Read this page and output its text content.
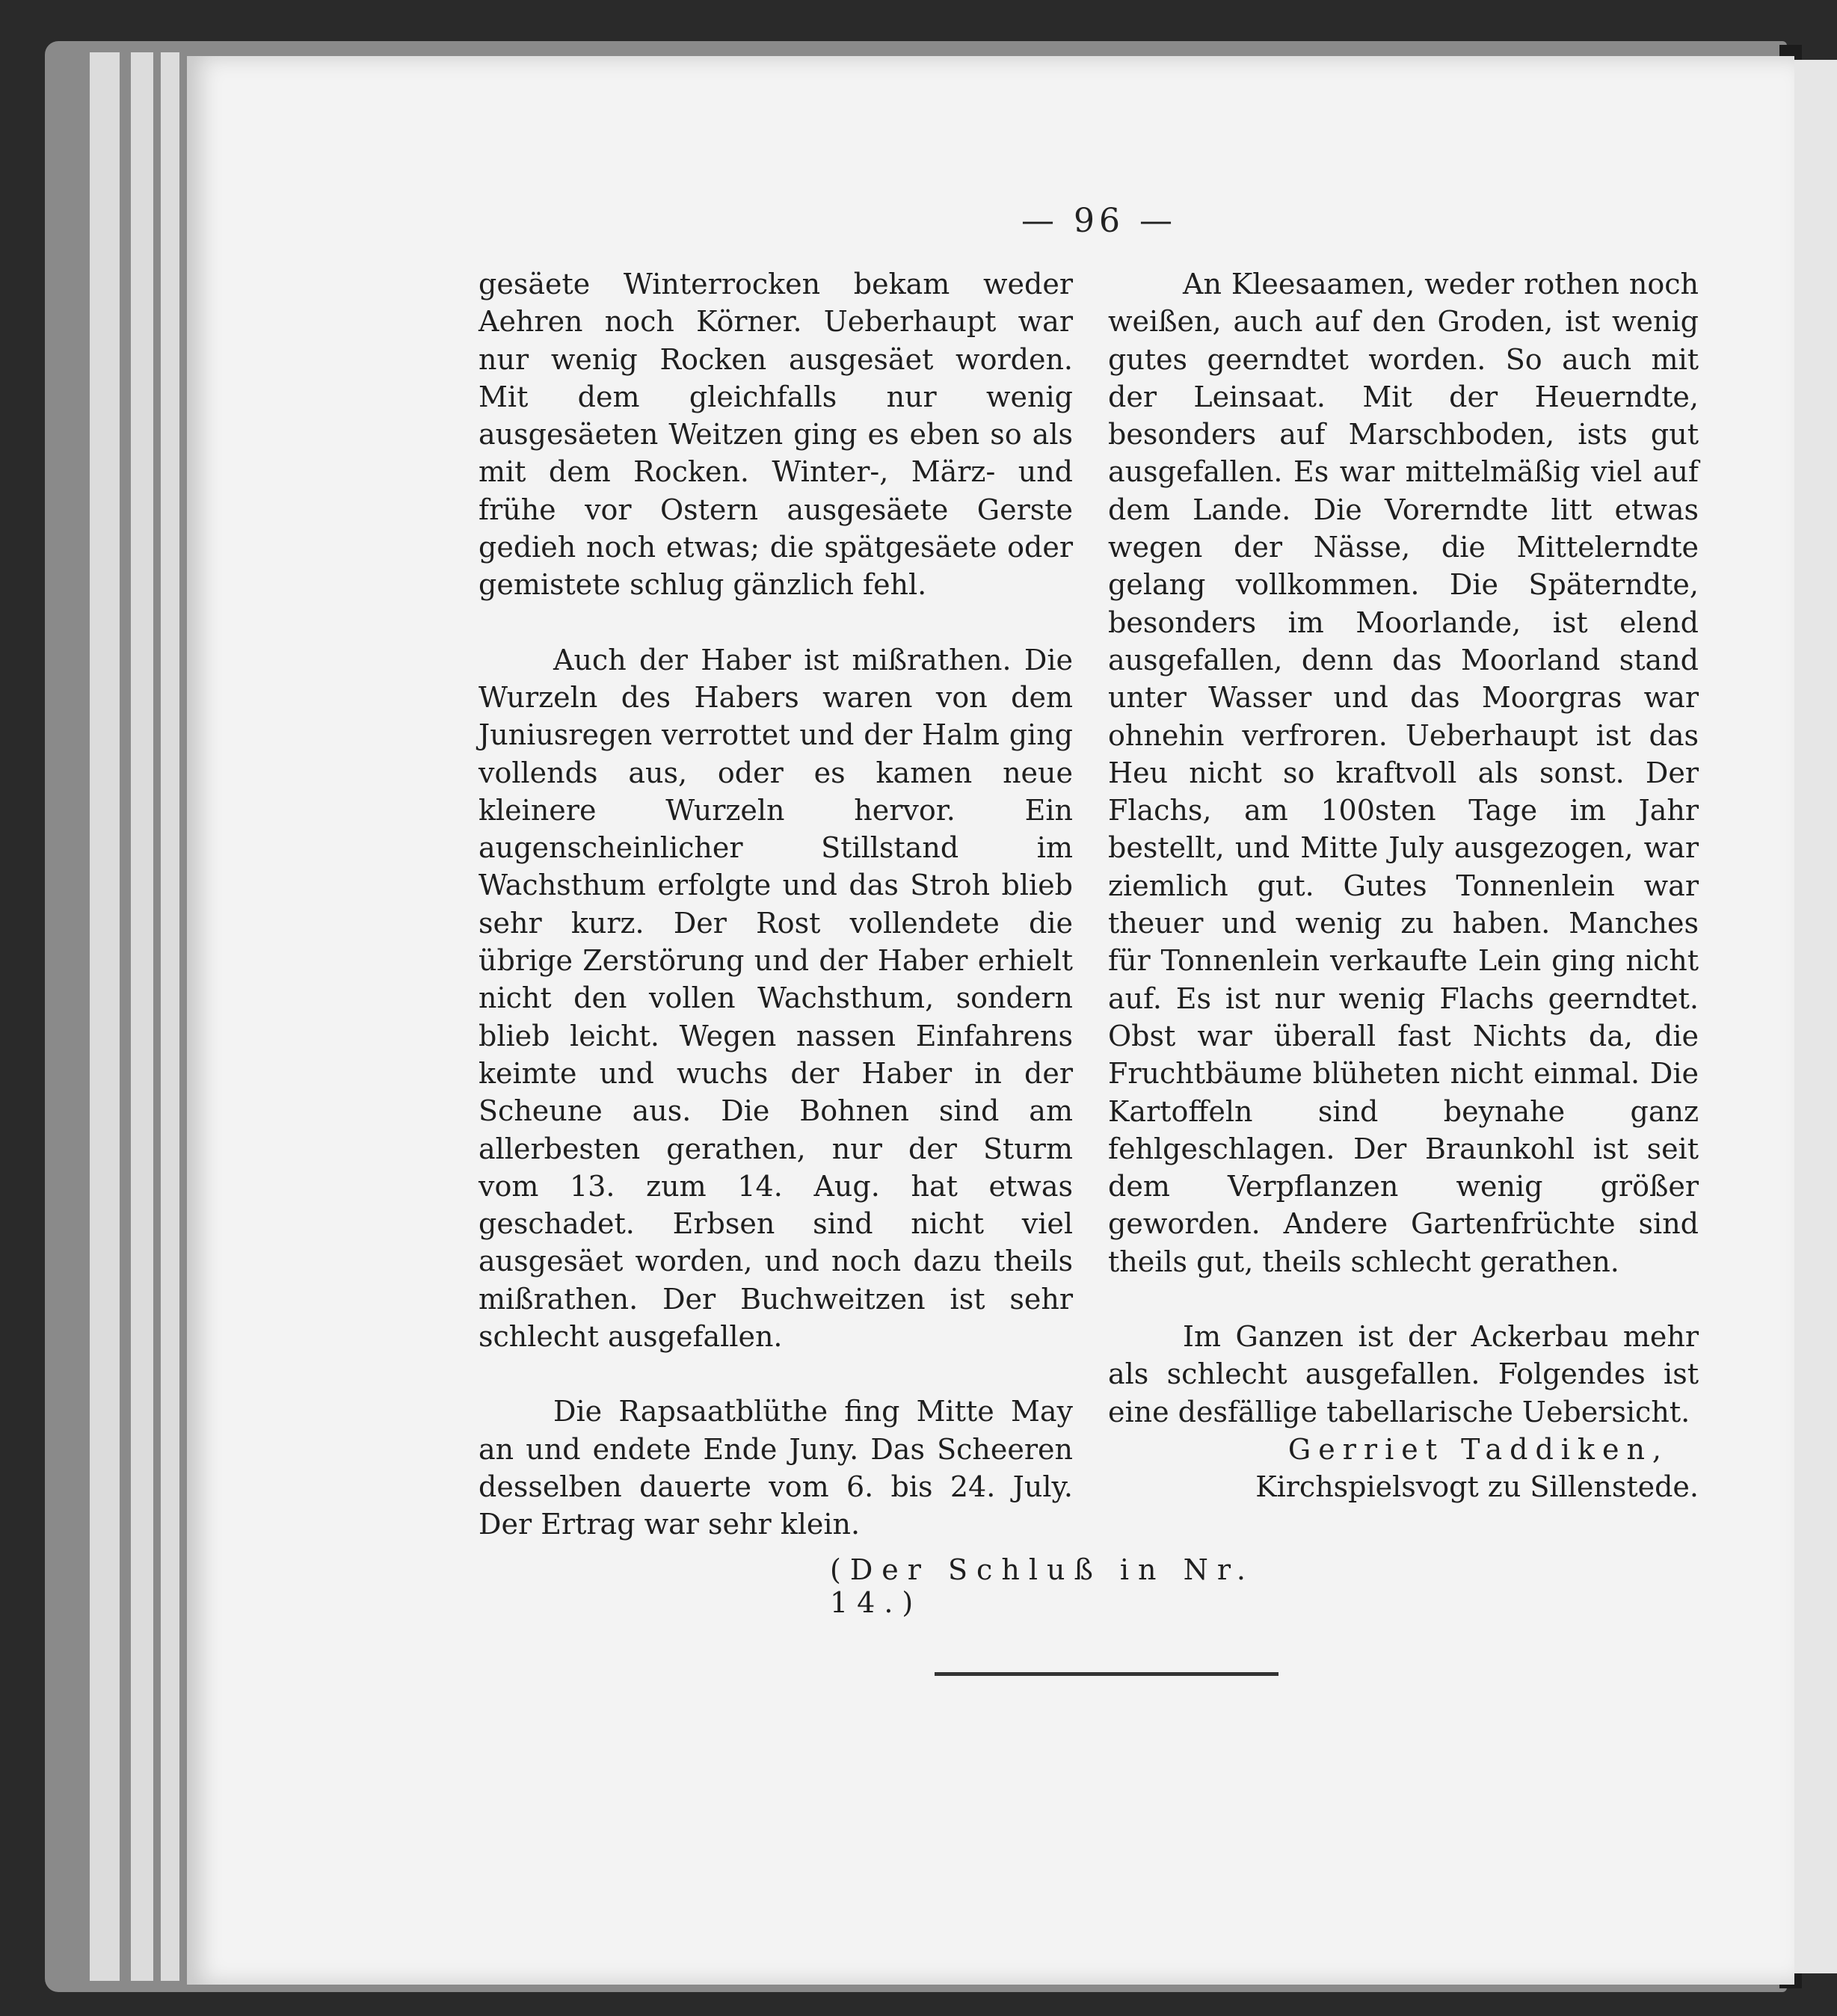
— 96 —

gesäete Winterrocken bekam weder Aehren noch Körner. Ueberhaupt war nur wenig Rocken ausgesäet worden. Mit dem gleichfalls nur wenig ausgesäeten Weitzen ging es eben so als mit dem Rocken. Winter-, März- und frühe vor Ostern ausgesäete Gerste gedieh noch etwas; die spätgesäete oder gemistete schlug gänzlich fehl.

Auch der Haber ist mißrathen. Die Wurzeln des Habers waren von dem Juniusregen verrottet und der Halm ging vollends aus, oder es kamen neue kleinere Wurzeln hervor. Ein augenscheinlicher Stillstand im Wachsthum erfolgte und das Stroh blieb sehr kurz. Der Rost vollendete die übrige Zerstörung und der Haber erhielt nicht den vollen Wachsthum, sondern blieb leicht. Wegen nassen Einfahrens keimte und wuchs der Haber in der Scheune aus. Die Bohnen sind am allerbesten gerathen, nur der Sturm vom 13. zum 14. Aug. hat etwas geschadet. Erbsen sind nicht viel ausgesäet worden, und noch dazu theils mißrathen. Der Buchweitzen ist sehr schlecht ausgefallen.

Die Rapsaatblüthe fing Mitte May an und endete Ende Juny. Das Scheeren desselben dauerte vom 6. bis 24. July. Der Ertrag war sehr klein.

An Kleesaamen, weder rothen noch weißen, auch auf den Groden, ist wenig gutes geerndtet worden. So auch mit der Leinsaat. Mit der Heuerndte, besonders auf Marschboden, ists gut ausgefallen. Es war mittelmäßig viel auf dem Lande. Die Vorerndte litt etwas wegen der Nässe, die Mittelerndte gelang vollkommen. Die Späterndte, besonders im Moorlande, ist elend ausgefallen, denn das Moorland stand unter Wasser und das Moorgras war ohnehin verfroren. Ueberhaupt ist das Heu nicht so kraftvoll als sonst. Der Flachs, am 100sten Tage im Jahr bestellt, und Mitte July ausgezogen, war ziemlich gut. Gutes Tonnenlein war theuer und wenig zu haben. Manches für Tonnenlein verkaufte Lein ging nicht auf. Es ist nur wenig Flachs geerndtet. Obst war überall fast Nichts da, die Fruchtbäume blüheten nicht einmal. Die Kartoffeln sind beynahe ganz fehlgeschlagen. Der Braunkohl ist seit dem Verpflanzen wenig größer geworden. Andere Gartenfrüchte sind theils gut, theils schlecht gerathen.

Im Ganzen ist der Ackerbau mehr als schlecht ausgefallen. Folgendes ist eine desfällige tabellarische Uebersicht.

Gerriet Taddiken,
Kirchspielsvogt zu Sillenstede.

(Der Schluß in Nr. 14.)
